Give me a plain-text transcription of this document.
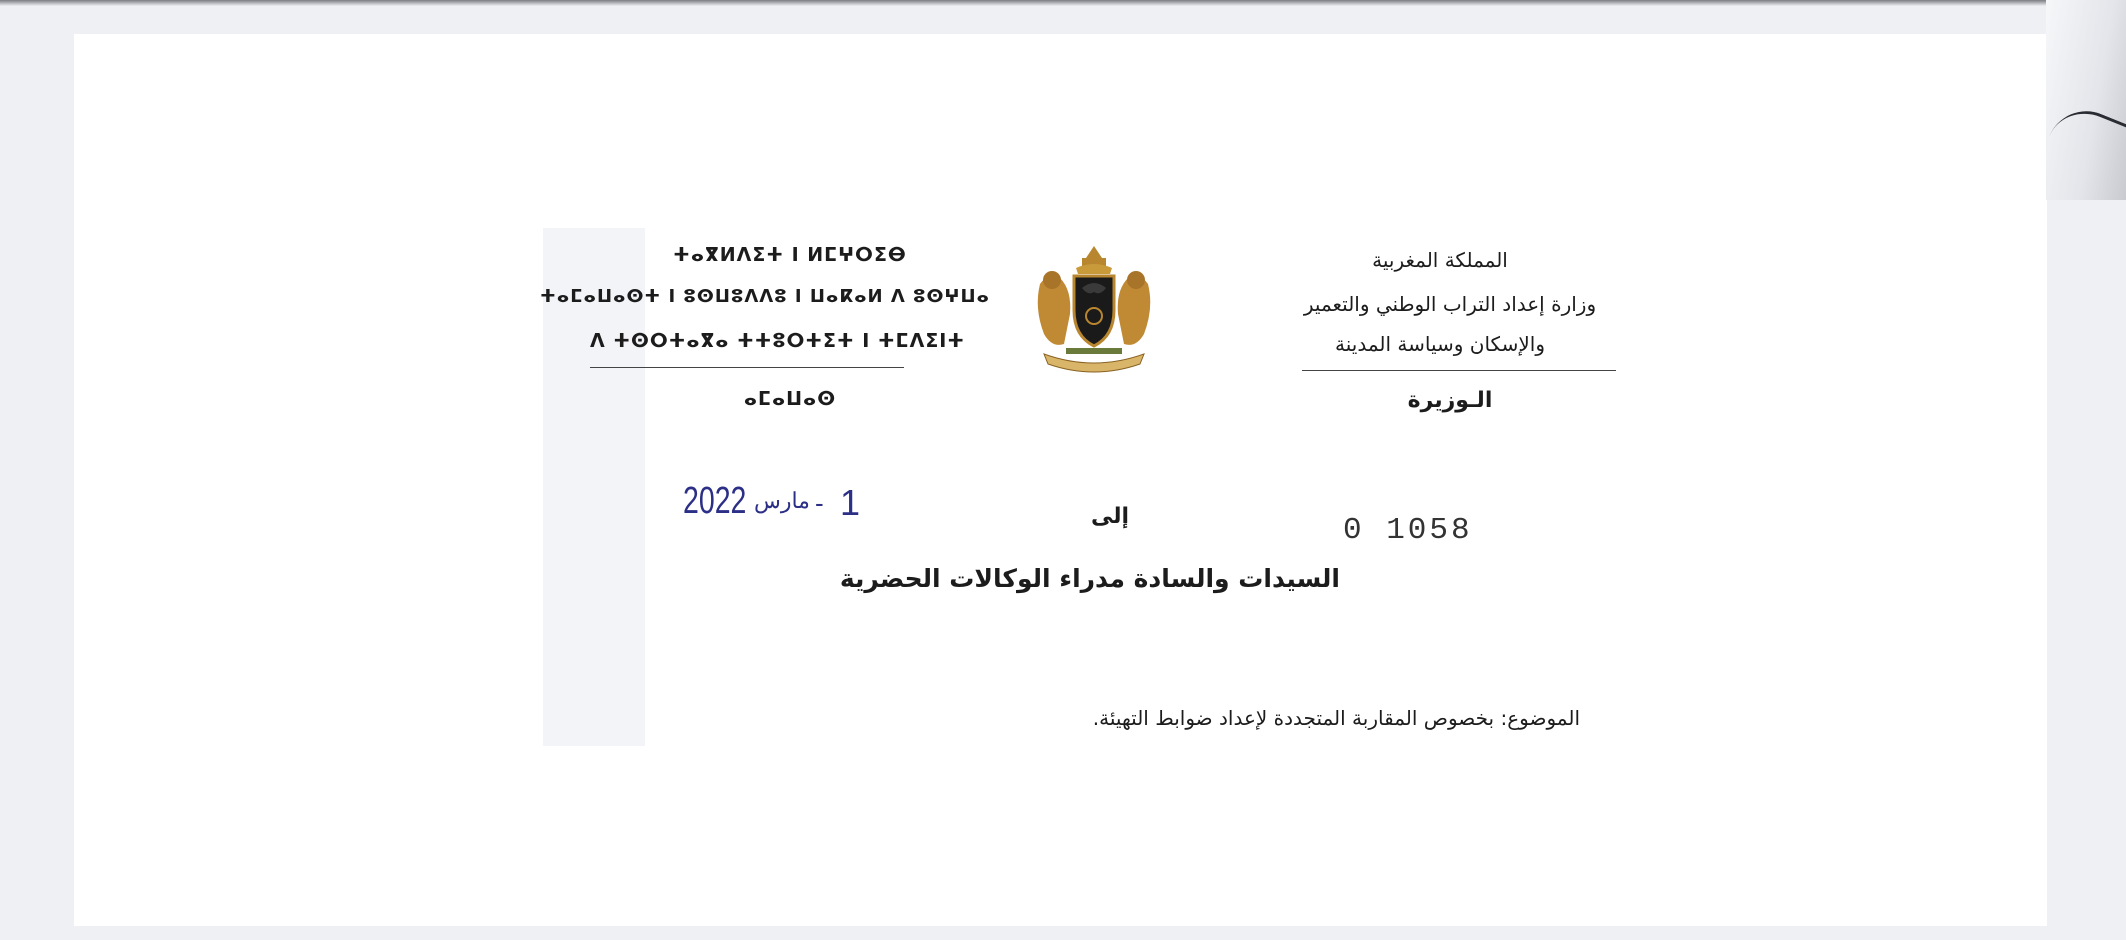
ⵜⴰⴳⵍⴷⵉⵜ ⵏ ⵍⵎⵖⵔⵉⴱ
ⵜⴰⵎⴰⵡⴰⵙⵜ ⵏ ⵓⵙⵡⵓⴷⴷⵓ ⵏ ⵡⴰⴽⴰⵍ ⴷ ⵓⵙⵖⵡⴰ
ⴷ ⵜⵙⵔⵜⴰⴳⴰ ⵜⵜⵓⵔⵜⵉⵜ ⵏ ⵜⵎⴷⵉⵏⵜ
ⴰⵎⴰⵡⴰⵙ
المملكة المغربية
وزارة إعداد التراب الوطني والتعمير
والإسكان وسياسة المدينة
الـوزيرة
2022 مارس - 1
0 1058
إلى
السيدات والسادة مدراء الوكالات الحضرية
الموضوع: بخصوص المقاربة المتجددة لإعداد ضوابط التهيئة.
